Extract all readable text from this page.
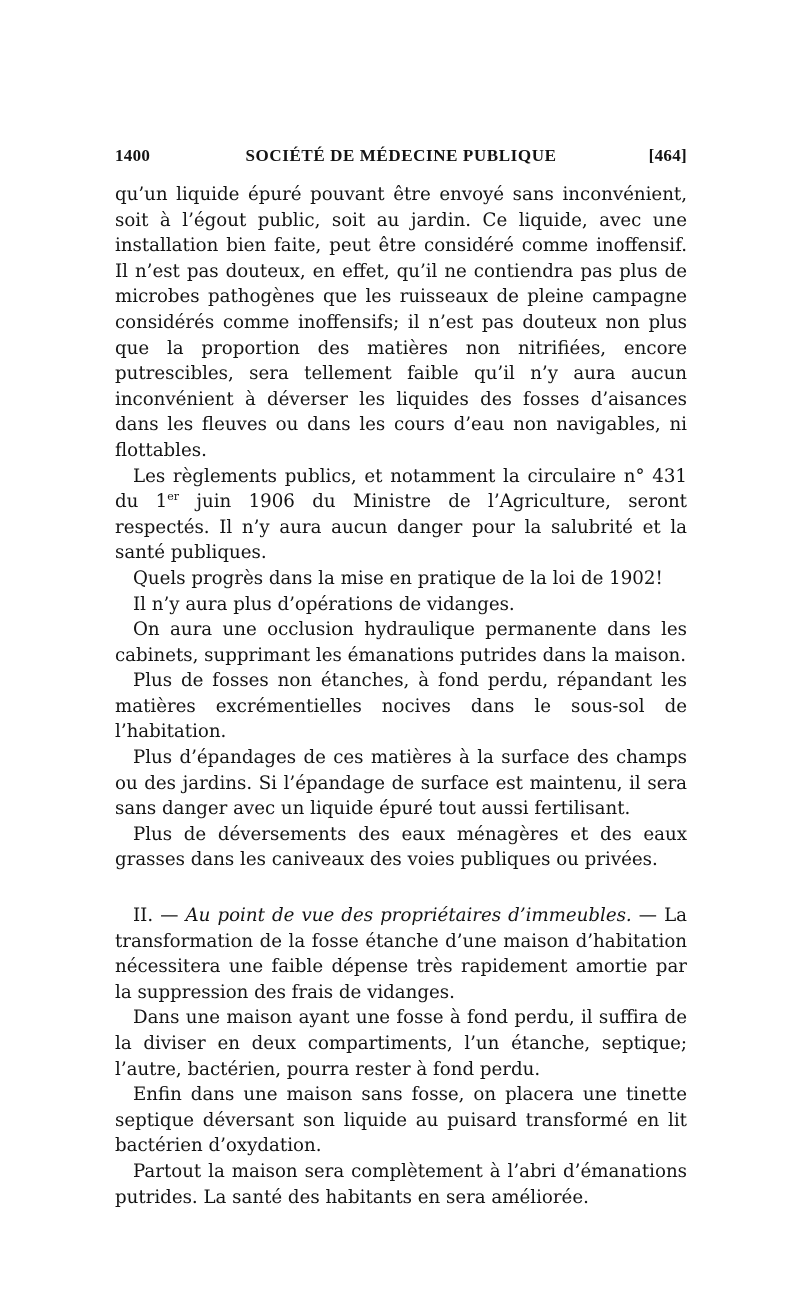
1400	SOCIÉTÉ DE MÉDECINE PUBLIQUE	[464]

qu’un liquide épuré pouvant être envoyé sans inconvénient, soit à l’égout public, soit au jardin. Ce liquide, avec une installation bien faite, peut être considéré comme inoffensif. Il n’est pas douteux, en effet, qu’il ne contiendra pas plus de microbes pathogènes que les ruisseaux de pleine campagne considérés comme inoffensifs; il n’est pas douteux non plus que la proportion des matières non nitrifiées, encore putrescibles, sera tellement faible qu’il n’y aura aucun inconvénient à déverser les liquides des fosses d’aisances dans les fleuves ou dans les cours d’eau non navigables, ni flottables.

Les règlements publics, et notamment la circulaire n° 431 du 1er juin 1906 du Ministre de l’Agriculture, seront respectés. Il n’y aura aucun danger pour la salubrité et la santé publiques.

Quels progrès dans la mise en pratique de la loi de 1902!

Il n’y aura plus d’opérations de vidanges.

On aura une occlusion hydraulique permanente dans les cabinets, supprimant les émanations putrides dans la maison.

Plus de fosses non étanches, à fond perdu, répandant les matières excrémentielles nocives dans le sous-sol de l’habitation.

Plus d’épandages de ces matières à la surface des champs ou des jardins. Si l’épandage de surface est maintenu, il sera sans danger avec un liquide épuré tout aussi fertilisant.

Plus de déversements des eaux ménagères et des eaux grasses dans les caniveaux des voies publiques ou privées.

II. — Au point de vue des propriétaires d’immeubles. — La transformation de la fosse étanche d’une maison d’habitation nécessitera une faible dépense très rapidement amortie par la suppression des frais de vidanges.

Dans une maison ayant une fosse à fond perdu, il suffira de la diviser en deux compartiments, l’un étanche, septique; l’autre, bactérien, pourra rester à fond perdu.

Enfin dans une maison sans fosse, on placera une tinette septique déversant son liquide au puisard transformé en lit bactérien d’oxydation.

Partout la maison sera complètement à l’abri d’émanations putrides. La santé des habitants en sera améliorée.
